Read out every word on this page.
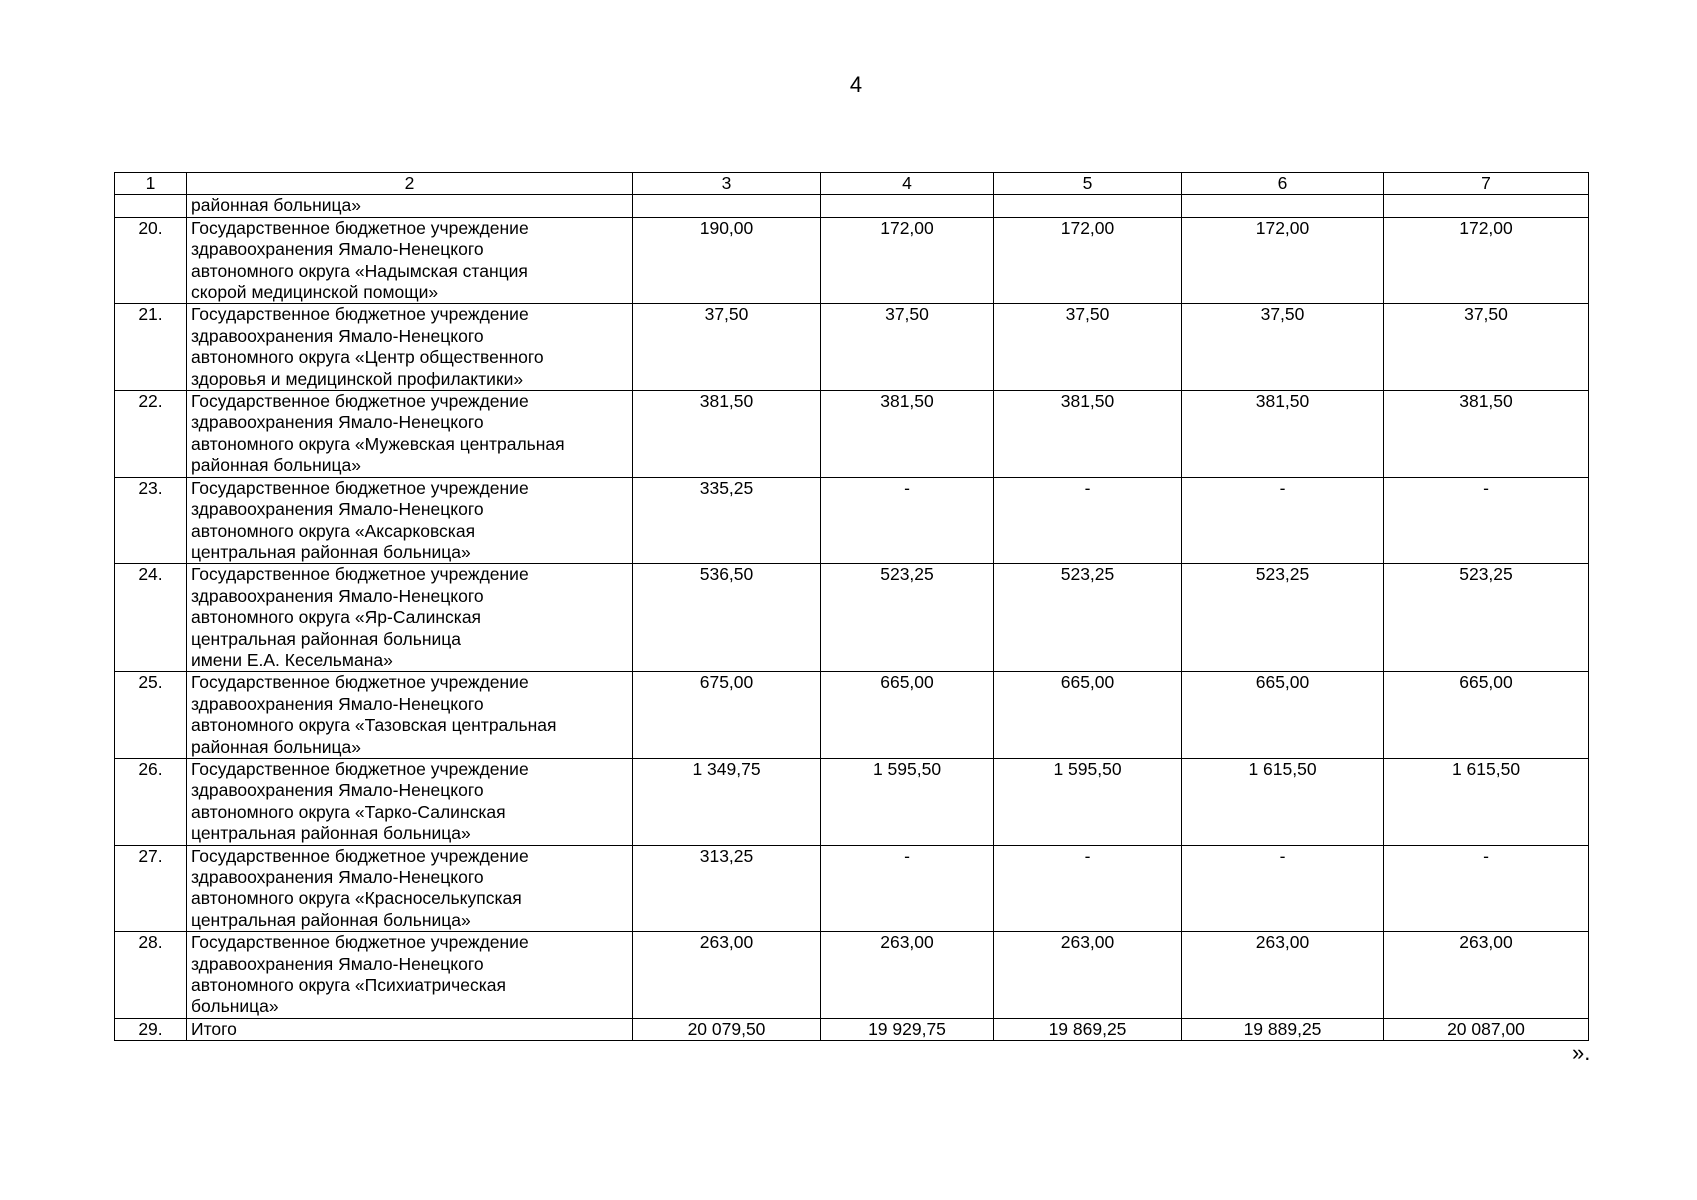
4
1	2	3	4	5	6	7

	районная больница»					

20.	Государственное бюджетное учреждение
здравоохранения Ямало-Ненецкого
автономного округа «Надымская станция
скорой медицинской помощи»	190,00	172,00	172,00	172,00	172,00
21.	Государственное бюджетное учреждение
здравоохранения Ямало-Ненецкого
автономного округа «Центр общественного
здоровья и медицинской профилактики»	37,50	37,50	37,50	37,50	37,50
22.	Государственное бюджетное учреждение
здравоохранения Ямало-Ненецкого
автономного округа «Мужевская центральная
районная больница»	381,50	381,50	381,50	381,50	381,50
23.	Государственное бюджетное учреждение
здравоохранения Ямало-Ненецкого
автономного округа «Аксарковская
центральная районная больница»	335,25	-	-	-	-
24.	Государственное бюджетное учреждение
здравоохранения Ямало-Ненецкого
автономного округа «Яр-Салинская
центральная районная больница
имени Е.А. Кесельмана»	536,50	523,25	523,25	523,25	523,25
25.	Государственное бюджетное учреждение
здравоохранения Ямало-Ненецкого
автономного округа «Тазовская центральная
районная больница»	675,00	665,00	665,00	665,00	665,00
26.	Государственное бюджетное учреждение
здравоохранения Ямало-Ненецкого
автономного округа «Тарко-Салинская
центральная районная больница»	1 349,75	1 595,50	1 595,50	1 615,50	1 615,50
27.	Государственное бюджетное учреждение
здравоохранения Ямало-Ненецкого
автономного округа «Красноселькупская
центральная районная больница»	313,25	-	-	-	-
28.	Государственное бюджетное учреждение
здравоохранения Ямало-Ненецкого
автономного округа «Психиатрическая
больница»	263,00	263,00	263,00	263,00	263,00
29.	Итого	20 079,50	19 929,75	19 869,25	19 889,25	20 087,00
».
